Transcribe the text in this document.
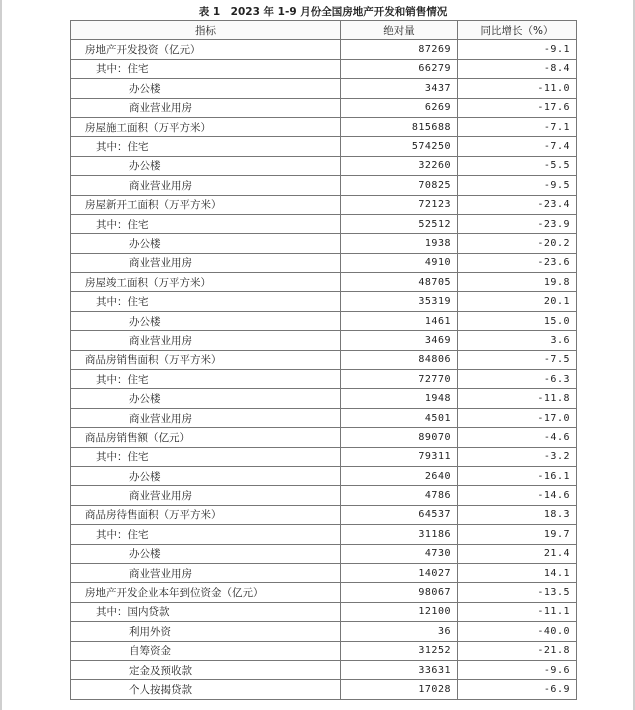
表 1　2023 年 1-9 月份全国房地产开发和销售情况
指标	绝对量	同比增长（%）
房地产开发投资（亿元）	87269	-9.1
其中：住宅	66279	-8.4
办公楼	3437	-11.0
商业营业用房	6269	-17.6
房屋施工面积（万平方米）	815688	-7.1
其中：住宅	574250	-7.4
办公楼	32260	-5.5
商业营业用房	70825	-9.5
房屋新开工面积（万平方米）	72123	-23.4
其中：住宅	52512	-23.9
办公楼	1938	-20.2
商业营业用房	4910	-23.6
房屋竣工面积（万平方米）	48705	19.8
其中：住宅	35319	20.1
办公楼	1461	15.0
商业营业用房	3469	3.6
商品房销售面积（万平方米）	84806	-7.5
其中：住宅	72770	-6.3
办公楼	1948	-11.8
商业营业用房	4501	-17.0
商品房销售额（亿元）	89070	-4.6
其中：住宅	79311	-3.2
办公楼	2640	-16.1
商业营业用房	4786	-14.6
商品房待售面积（万平方米）	64537	18.3
其中：住宅	31186	19.7
办公楼	4730	21.4
商业营业用房	14027	14.1
房地产开发企业本年到位资金（亿元）	98067	-13.5
其中：国内贷款	12100	-11.1
利用外资	36	-40.0
自筹资金	31252	-21.8
定金及预收款	33631	-9.6
个人按揭贷款	17028	-6.9
